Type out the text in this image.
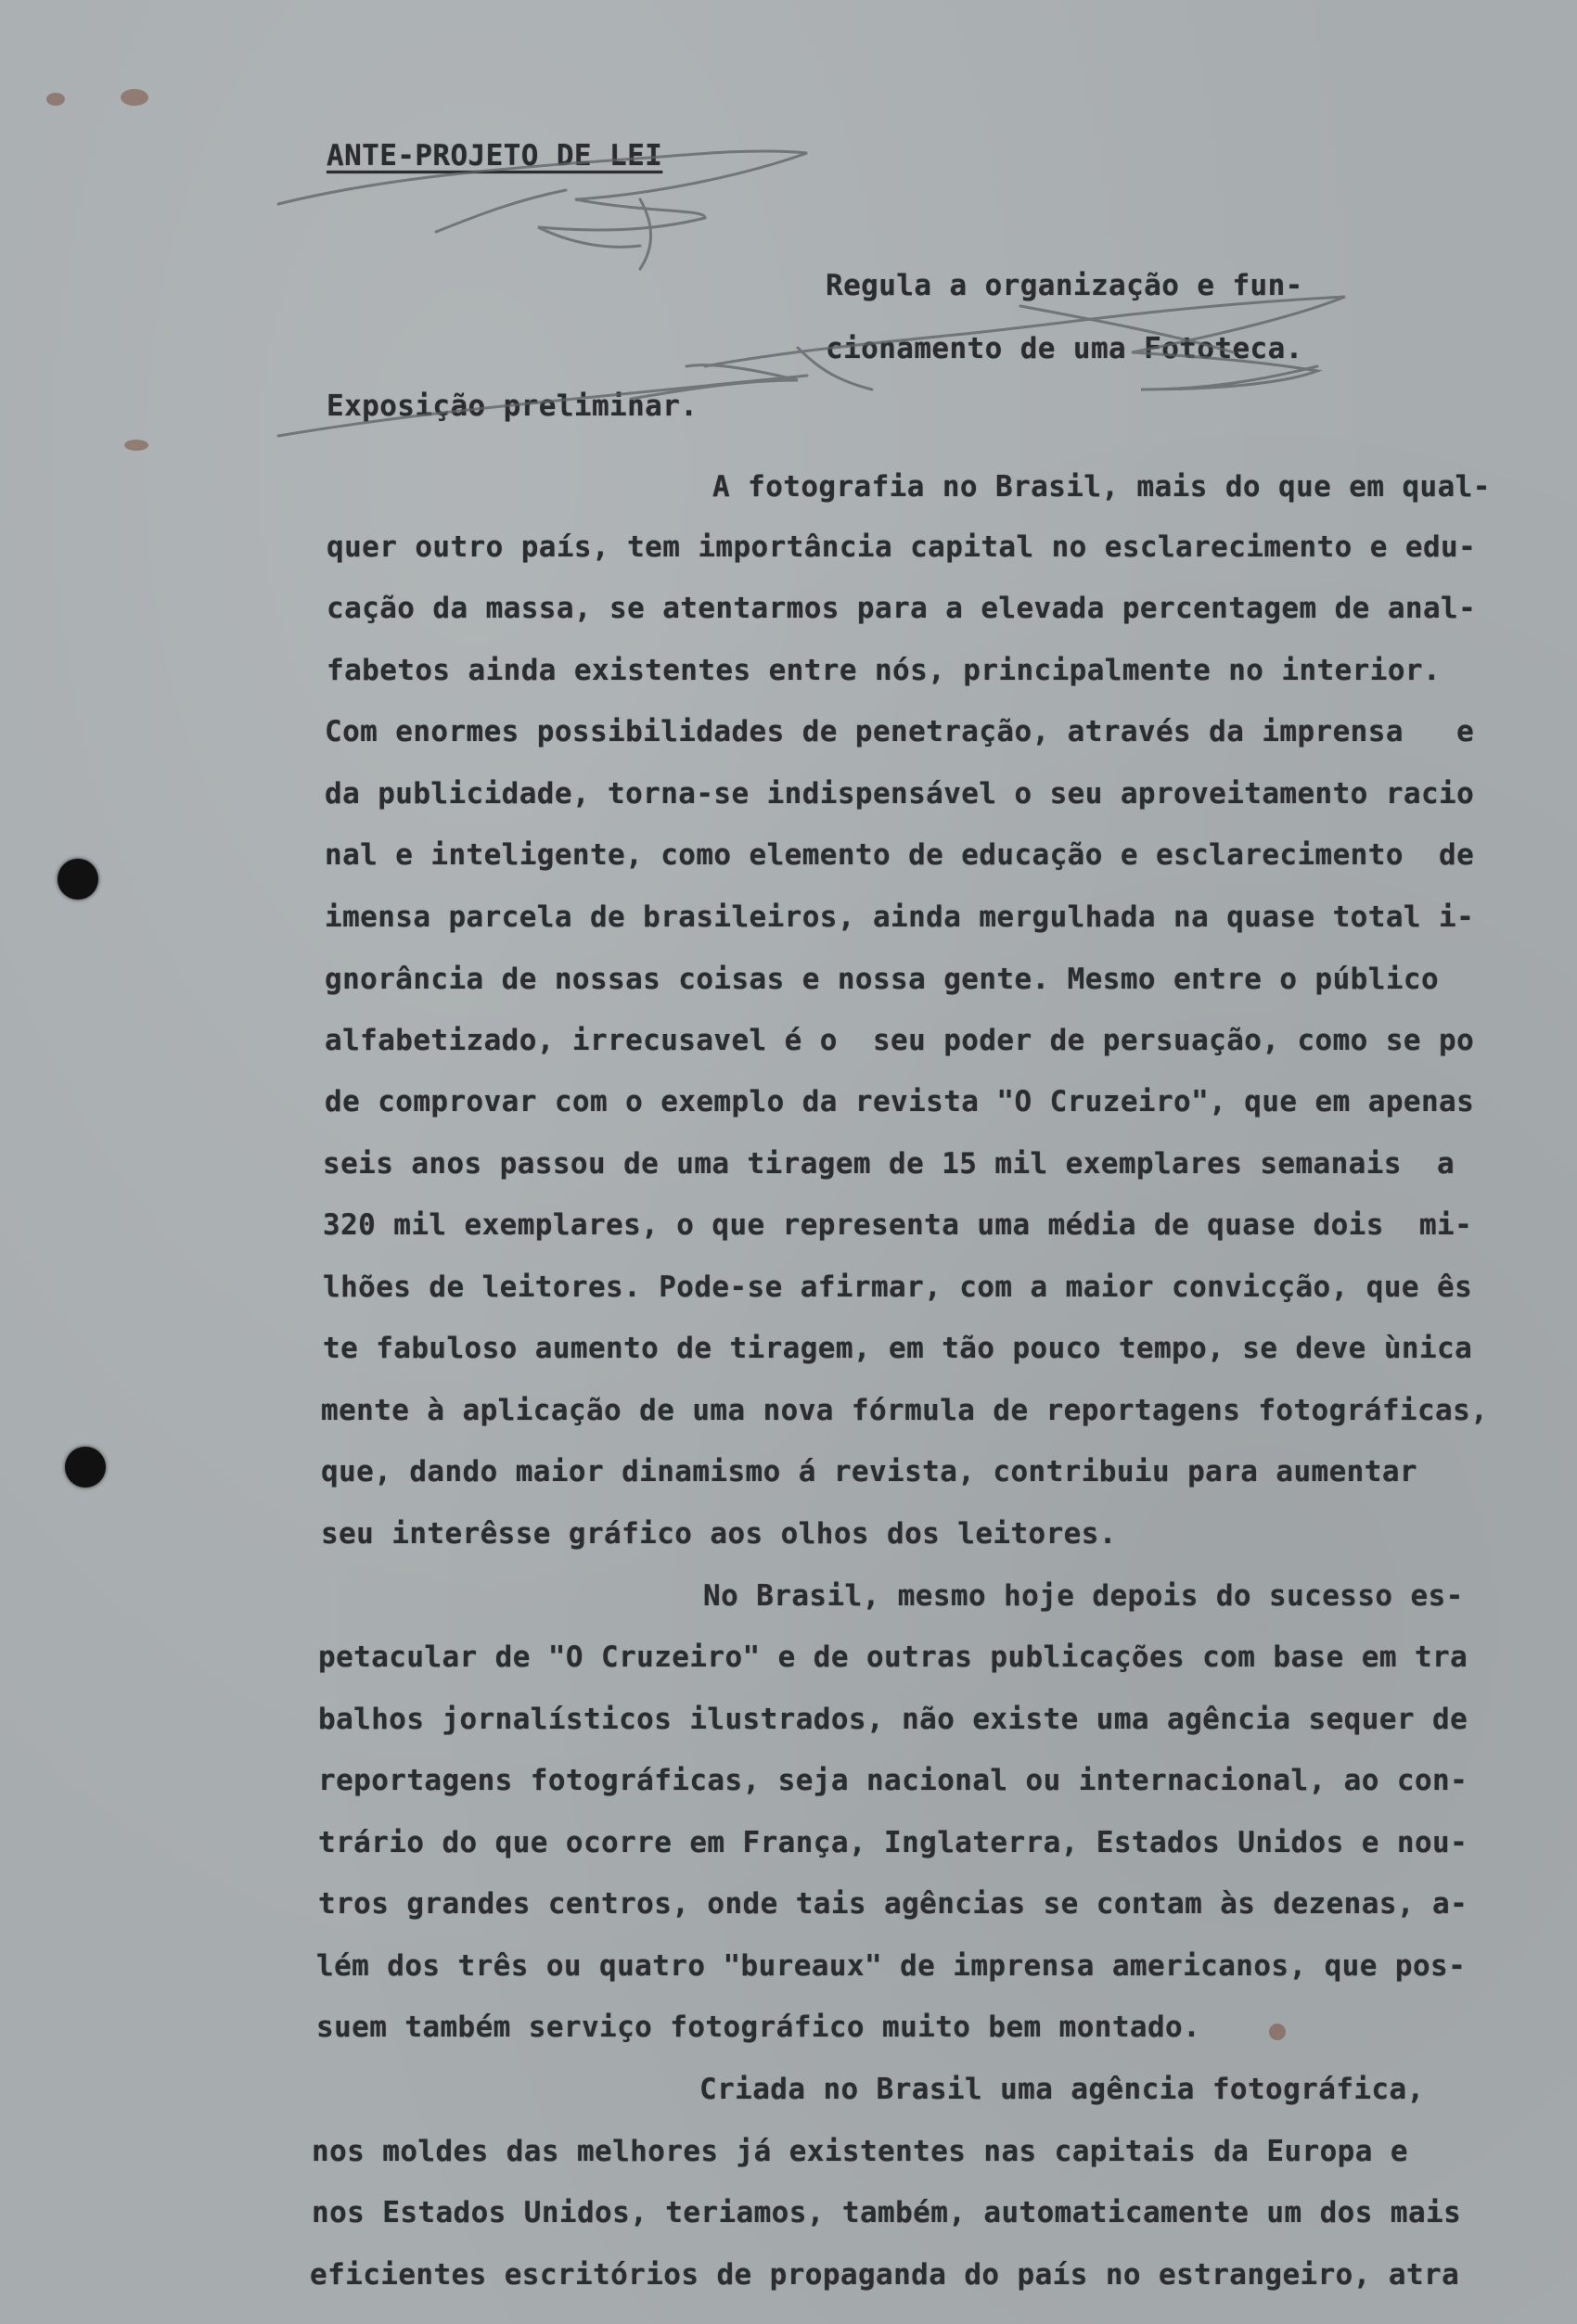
ANTE-PROJETO DE LEI
Regula a organização e fun-
cionamento de uma Fototeca.
Exposição preliminar.
A fotografia no Brasil, mais do que em qual-
quer outro país, tem importância capital no esclarecimento e edu-
cação da massa, se atentarmos para a elevada percentagem de anal-
fabetos ainda existentes entre nós, principalmente no interior.
Com enormes possibilidades de penetração, através da imprensa   e
da publicidade, torna-se indispensável o seu aproveitamento racio
nal e inteligente, como elemento de educação e esclarecimento  de
imensa parcela de brasileiros, ainda mergulhada na quase total i-
gnorância de nossas coisas e nossa gente. Mesmo entre o público
alfabetizado, irrecusavel é o  seu poder de persuação, como se po
de comprovar com o exemplo da revista "O Cruzeiro", que em apenas
seis anos passou de uma tiragem de 15 mil exemplares semanais  a
320 mil exemplares, o que representa uma média de quase dois  mi-
lhões de leitores. Pode-se afirmar, com a maior convicção, que ês
te fabuloso aumento de tiragem, em tão pouco tempo, se deve ùnica
mente à aplicação de uma nova fórmula de reportagens fotográficas,
que, dando maior dinamismo á revista, contribuiu para aumentar
seu interêsse gráfico aos olhos dos leitores.
No Brasil, mesmo hoje depois do sucesso es-
petacular de "O Cruzeiro" e de outras publicações com base em tra
balhos jornalísticos ilustrados, não existe uma agência sequer de
reportagens fotográficas, seja nacional ou internacional, ao con-
trário do que ocorre em França, Inglaterra, Estados Unidos e nou-
tros grandes centros, onde tais agências se contam às dezenas, a-
lém dos três ou quatro "bureaux" de imprensa americanos, que pos-
suem também serviço fotográfico muito bem montado.
Criada no Brasil uma agência fotográfica,
nos moldes das melhores já existentes nas capitais da Europa e
nos Estados Unidos, teriamos, também, automaticamente um dos mais
eficientes escritórios de propaganda do país no estrangeiro, atra
